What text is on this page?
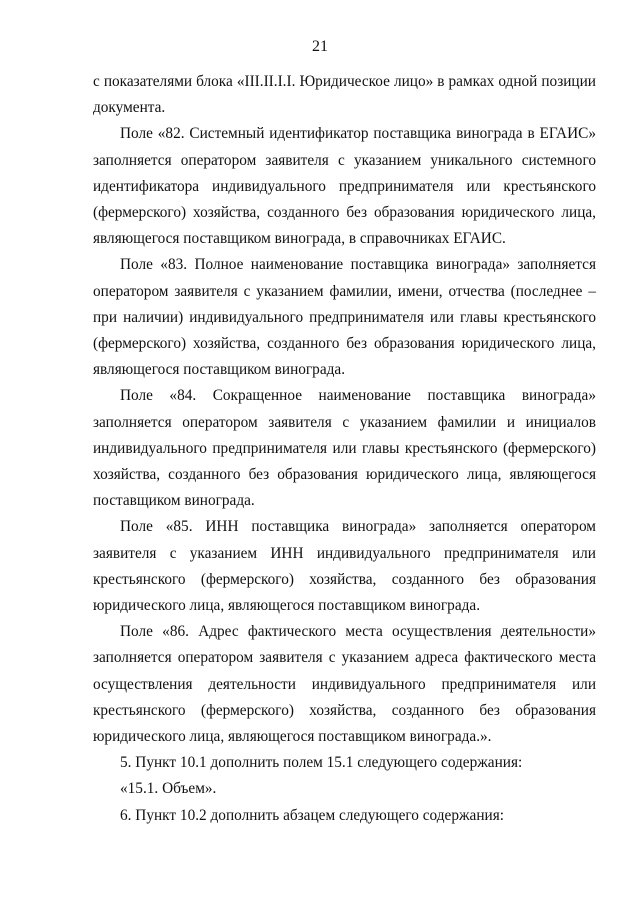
21

с показателями блока «III.II.I.I. Юридическое лицо» в рамках одной позиции документа.

Поле «82. Системный идентификатор поставщика винограда в ЕГАИС» заполняется оператором заявителя с указанием уникального системного идентификатора индивидуального предпринимателя или крестьянского (фермерского) хозяйства, созданного без образования юридического лица, являющегося поставщиком винограда, в справочниках ЕГАИС.

Поле «83. Полное наименование поставщика винограда» заполняется оператором заявителя с указанием фамилии, имени, отчества (последнее – при наличии) индивидуального предпринимателя или главы крестьянского (фермерского) хозяйства, созданного без образования юридического лица, являющегося поставщиком винограда.

Поле «84. Сокращенное наименование поставщика винограда» заполняется оператором заявителя с указанием фамилии и инициалов индивидуального предпринимателя или главы крестьянского (фермерского) хозяйства, созданного без образования юридического лица, являющегося поставщиком винограда.

Поле «85. ИНН поставщика винограда» заполняется оператором заявителя с указанием ИНН индивидуального предпринимателя или крестьянского (фермерского) хозяйства, созданного без образования юридического лица, являющегося поставщиком винограда.

Поле «86. Адрес фактического места осуществления деятельности» заполняется оператором заявителя с указанием адреса фактического места осуществления деятельности индивидуального предпринимателя или крестьянского (фермерского) хозяйства, созданного без образования юридического лица, являющегося поставщиком винограда.».

5. Пункт 10.1 дополнить полем 15.1 следующего содержания:

«15.1. Объем».

6. Пункт 10.2 дополнить абзацем следующего содержания:
